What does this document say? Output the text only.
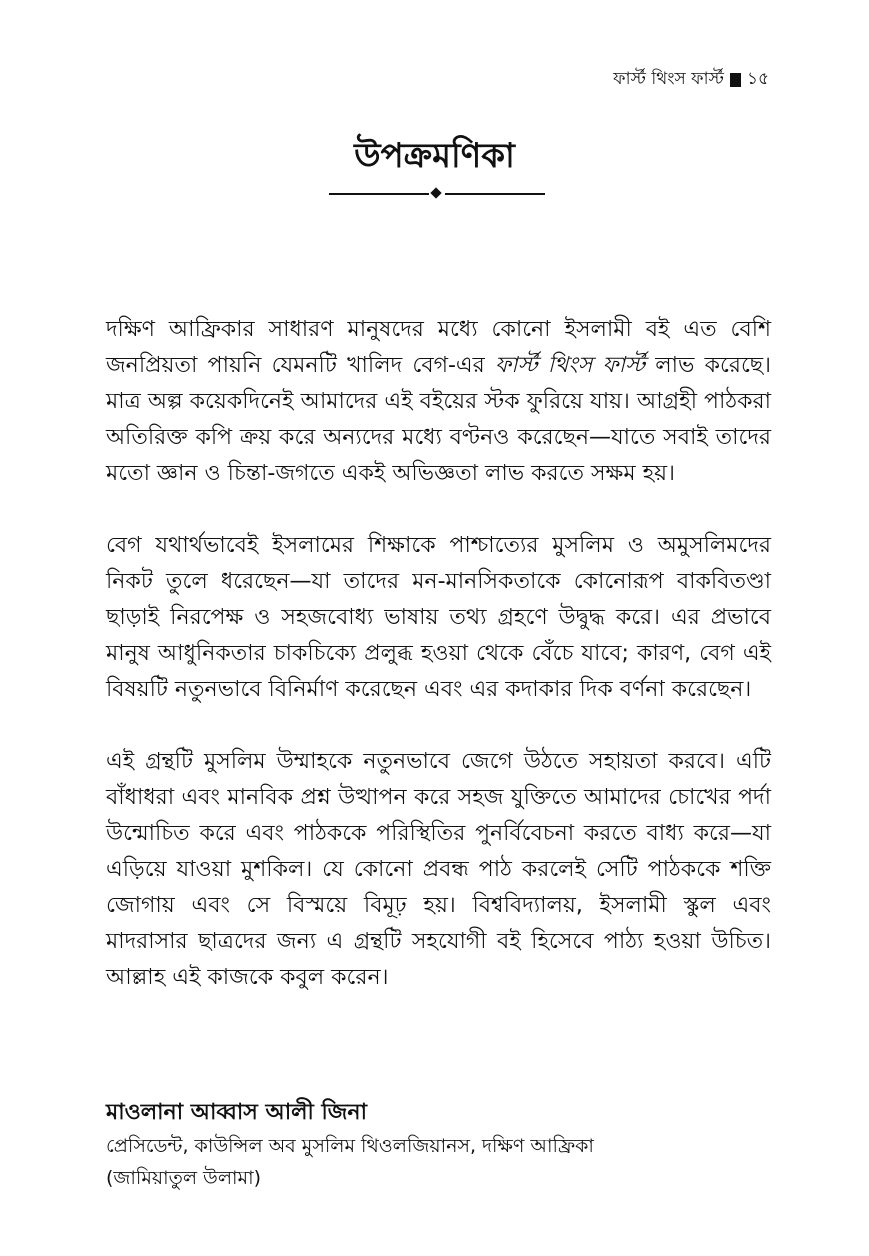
ফার্স্ট থিংস ফার্স্ট ১৫
উপক্রমণিকা

দক্ষিণ আফ্রিকার সাধারণ মানুষদের মধ্যে কোনো ইসলামী বই এত বেশি জনপ্রিয়তা পায়নি যেমনটি খালিদ বেগ-এর ফার্স্ট থিংস ফার্স্ট লাভ করেছে। মাত্র অল্প কয়েকদিনেই আমাদের এই বইয়ের স্টক ফুরিয়ে যায়। আগ্রহী পাঠকরা অতিরিক্ত কপি ক্রয় করে অন্যদের মধ্যে বণ্টনও করেছেন—যাতে সবাই তাদের মতো জ্ঞান ও চিন্তা-জগতে একই অভিজ্ঞতা লাভ করতে সক্ষম হয়।

বেগ যথার্থভাবেই ইসলামের শিক্ষাকে পাশ্চাত্যের মুসলিম ও অমুসলিমদের নিকট তুলে ধরেছেন—যা তাদের মন-মানসিকতাকে কোনোরূপ বাকবিতণ্ডা ছাড়াই নিরপেক্ষ ও সহজবোধ্য ভাষায় তথ্য গ্রহণে উদ্বুদ্ধ করে। এর প্রভাবে মানুষ আধুনিকতার চাকচিক্যে প্রলুব্ধ হওয়া থেকে বেঁচে যাবে; কারণ, বেগ এই বিষয়টি নতুনভাবে বিনির্মাণ করেছেন এবং এর কদাকার দিক বর্ণনা করেছেন।

এই গ্রন্থটি মুসলিম উম্মাহকে নতুনভাবে জেগে উঠতে সহায়তা করবে। এটি বাঁধাধরা এবং মানবিক প্রশ্ন উত্থাপন করে সহজ যুক্তিতে আমাদের চোখের পর্দা উন্মোচিত করে এবং পাঠককে পরিস্থিতির পুনর্বিবেচনা করতে বাধ্য করে—যা এড়িয়ে যাওয়া মুশকিল। যে কোনো প্রবন্ধ পাঠ করলেই সেটি পাঠককে শক্তি জোগায় এবং সে বিস্ময়ে বিমূঢ় হয়। বিশ্ববিদ্যালয়, ইসলামী স্কুল এবং মাদরাসার ছাত্রদের জন্য এ গ্রন্থটি সহযোগী বই হিসেবে পাঠ্য হওয়া উচিত। আল্লাহ এই কাজকে কবুল করেন।

মাওলানা আব্বাস আলী জিনা
প্রেসিডেন্ট, কাউন্সিল অব মুসলিম থিওলজিয়ানস, দক্ষিণ আফ্রিকা
(জামিয়াতুল উলামা)
